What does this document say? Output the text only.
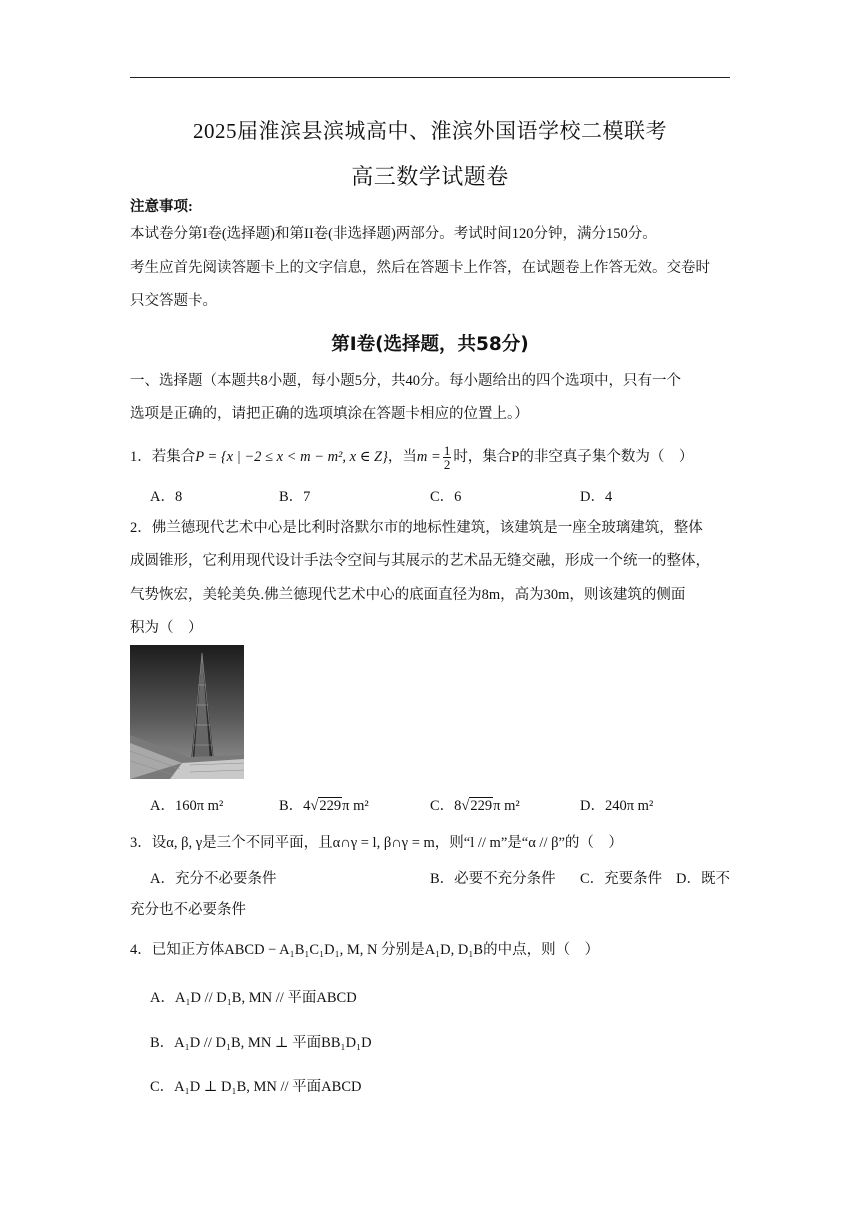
2025届淮滨县滨城高中、淮滨外国语学校二模联考
高三数学试题卷
注意事项:
本试卷分第I卷(选择题)和第II卷(非选择题)两部分。考试时间120分钟，满分150分。
考生应首先阅读答题卡上的文字信息，然后在答题卡上作答，在试题卷上作答无效。交卷时
只交答题卡。
第I卷(选择题，共58分)
一、选择题（本题共8小题，每小题5分，共40分。每小题给出的四个选项中，只有一个
选项是正确的，请把正确的选项填涂在答题卡相应的位置上。）
1．若集合P = {x | −2 ≤ x < m − m², x ∈ Z}，当$m = \frac{1}{2}$ 时，集合P的非空真子集个数为（　）
A．8	B．7	C．6	D．4
2．佛兰德现代艺术中心是比利时洛默尔市的地标性建筑，该建筑是一座全玻璃建筑，整体
成圆锥形，它利用现代设计手法令空间与其展示的艺术品无缝交融，形成一个统一的整体，
气势恢宏，美轮美奂.佛兰德现代艺术中心的底面直径为8m，高为30m，则该建筑的侧面
积为（　）
A．160π m²	B．4√229π m²	C．8√229π m²	D．240π m²
3．设α, β, γ是三个不同平面，且α∩γ = l, β∩γ = m，则“l // m”是“α // β”的（　）
A．充分不必要条件	B．必要不充分条件 C．充要条件 D．既不
充分也不必要条件
4．已知正方体ABCD − A₁B₁C₁D₁, M, N 分别是A₁D, D₁B的中点，则（　）
A．A₁D // D₁B, MN // 平面ABCD
B．A₁D // D₁B, MN ⊥ 平面BB₁D₁D
C．A₁D ⊥ D₁B, MN // 平面ABCD
